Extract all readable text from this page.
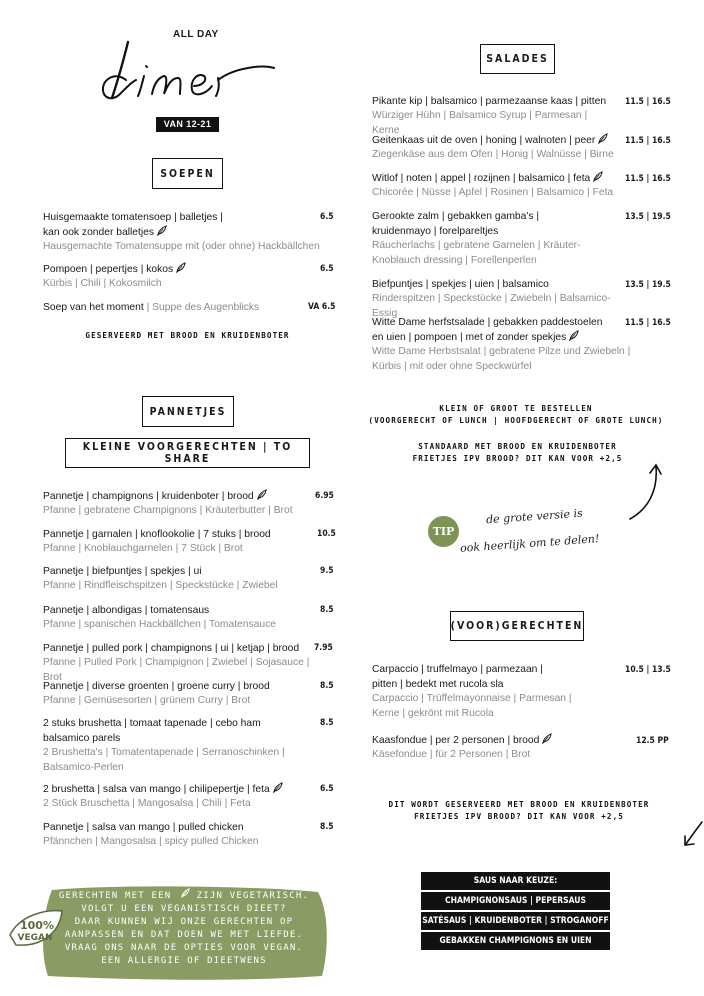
ALL DAY
VAN 12-21 UUR
SOEPEN
Huisgemaakte tomatensoep | balletjes |
kan ook zonder balletjes
Hausgemachte Tomatensuppe mit (oder ohne) Hackbällchen
6.5
Pompoen | pepertjes | kokos
Kürbis | Chili | Kokosmilch
6.5
Soep van het moment | Suppe des Augenblicks	VA 6.5
GESERVEERD MET BROOD EN KRUIDENBOTER
PANNETJES
KLEINE VOORGERECHTEN | TO SHARE
Pannetje | champignons | kruidenboter | brood
Pfanne | gebratene Champignons | Kräuterbutter | Brot
6.95
Pannetje | garnalen | knoflookolie | 7 stuks | brood
Pfanne | Knoblauchgarnelen | 7 Stück | Brot
10.5
Pannetje | biefpuntjes | spekjes | ui
Pfanne | Rindfleischspitzen | Speckstücke | Zwiebel
9.5
Pannetje | albondigas | tomatensaus
Pfanne | spanischen Hackbällchen | Tomatensauce
8.5
Pannetje | pulled pork | champignons | ui | ketjap | brood
Pfanne | Pulled Pork | Champignon | Zwiebel | Sojasauce | Brot
7.95
Pannetje | diverse groenten | groene curry | brood
Pfanne | Gemüsesorten | grünem Curry | Brot
8.5
2 stuks brushetta | tomaat tapenade | cebo ham
balsamico parels
2 Brushetta's | Tomatentapenade | Serranoschinken |
Balsamico-Perlen
8.5
2 brushetta | salsa van mango | chilipepertje | feta
2 Stück Bruschetta | Mangosalsa | Chili | Feta
6.5
Pannetje | salsa van mango | pulled chicken
Pfännchen | Mangosalsa | spicy pulled Chicken
8.5
100%
VEGAN
GERECHTEN MET EEN	ZIJN VEGETARISCH.
VOLGT U EEN VEGANISTISCH DIEET?
DAAR KUNNEN WIJ ONZE GERECHTEN OP
AANPASSEN EN DAT DOEN WE MET LIEFDE.
VRAAG ONS NAAR DE OPTIES VOOR VEGAN.
EEN ALLERGIE OF DIEETWENS
SALADES
Pikante kip | balsamico | parmezaanse kaas | pitten
Würziger Hühn | Balsamico Syrup | Parmesan | Kerne
11.5 | 16.5
Geitenkaas uit de oven | honing | walnoten | peer
Ziegenkäse aus dem Ofen | Honig | Walnüsse | Birne
11.5 | 16.5
Witlof | noten | appel | rozijnen | balsamico | feta
Chicorée | Nüsse | Apfel | Rosinen | Balsamico | Feta
11.5 | 16.5
Gerookte zalm | gebakken gamba's |
kruidenmayo | forelpareltjes
Räucherlachs | gebratene Garnelen | Kräuter-
Knoblauch dressing | Forellenperlen
13.5 | 19.5
Biefpuntjes | spekjes | uien | balsamico
Rinderspitzen | Speckstücke | Zwiebeln | Balsamico-Essig
13.5 | 19.5
Witte Dame herfstsalade | gebakken paddestoelen
en uien | pompoen | met of zonder spekjes
Witte Dame Herbstsalat | gebratene Pilze und Zwiebeln |
Kürbis | mit oder ohne Speckwürfel
11.5 | 16.5
KLEIN OF GROOT TE BESTELLEN
(VOORGERECHT OF LUNCH | HOOFDGERECHT OF GROTE LUNCH)
STANDAARD MET BROOD EN KRUIDENBOTER
FRIETJES IPV BROOD? DIT KAN VOOR +2,5
TIP
de grote versie is
ook heerlijk om te delen!
(VOOR)GERECHTEN
Carpaccio | truffelmayo | parmezaan |
pitten | bedekt met rucola sla
Carpaccio | Trüffelmayonnaise | Parmesan |
Kerne | gekrönt mit Rucola
10.5 | 13.5
Kaasfondue | per 2 personen | brood
Käsefondue | für 2 Personen | Brot
12.5 PP
DIT WORDT GESERVEERD MET BROOD EN KRUIDENBOTER
FRIETJES IPV BROOD? DIT KAN VOOR +2,5
SAUS NAAR KEUZE:
CHAMPIGNONSAUS | PEPERSAUS
SATÉSAUS | KRUIDENBOTER | STROGANOFF
GEBAKKEN CHAMPIGNONS EN UIEN
